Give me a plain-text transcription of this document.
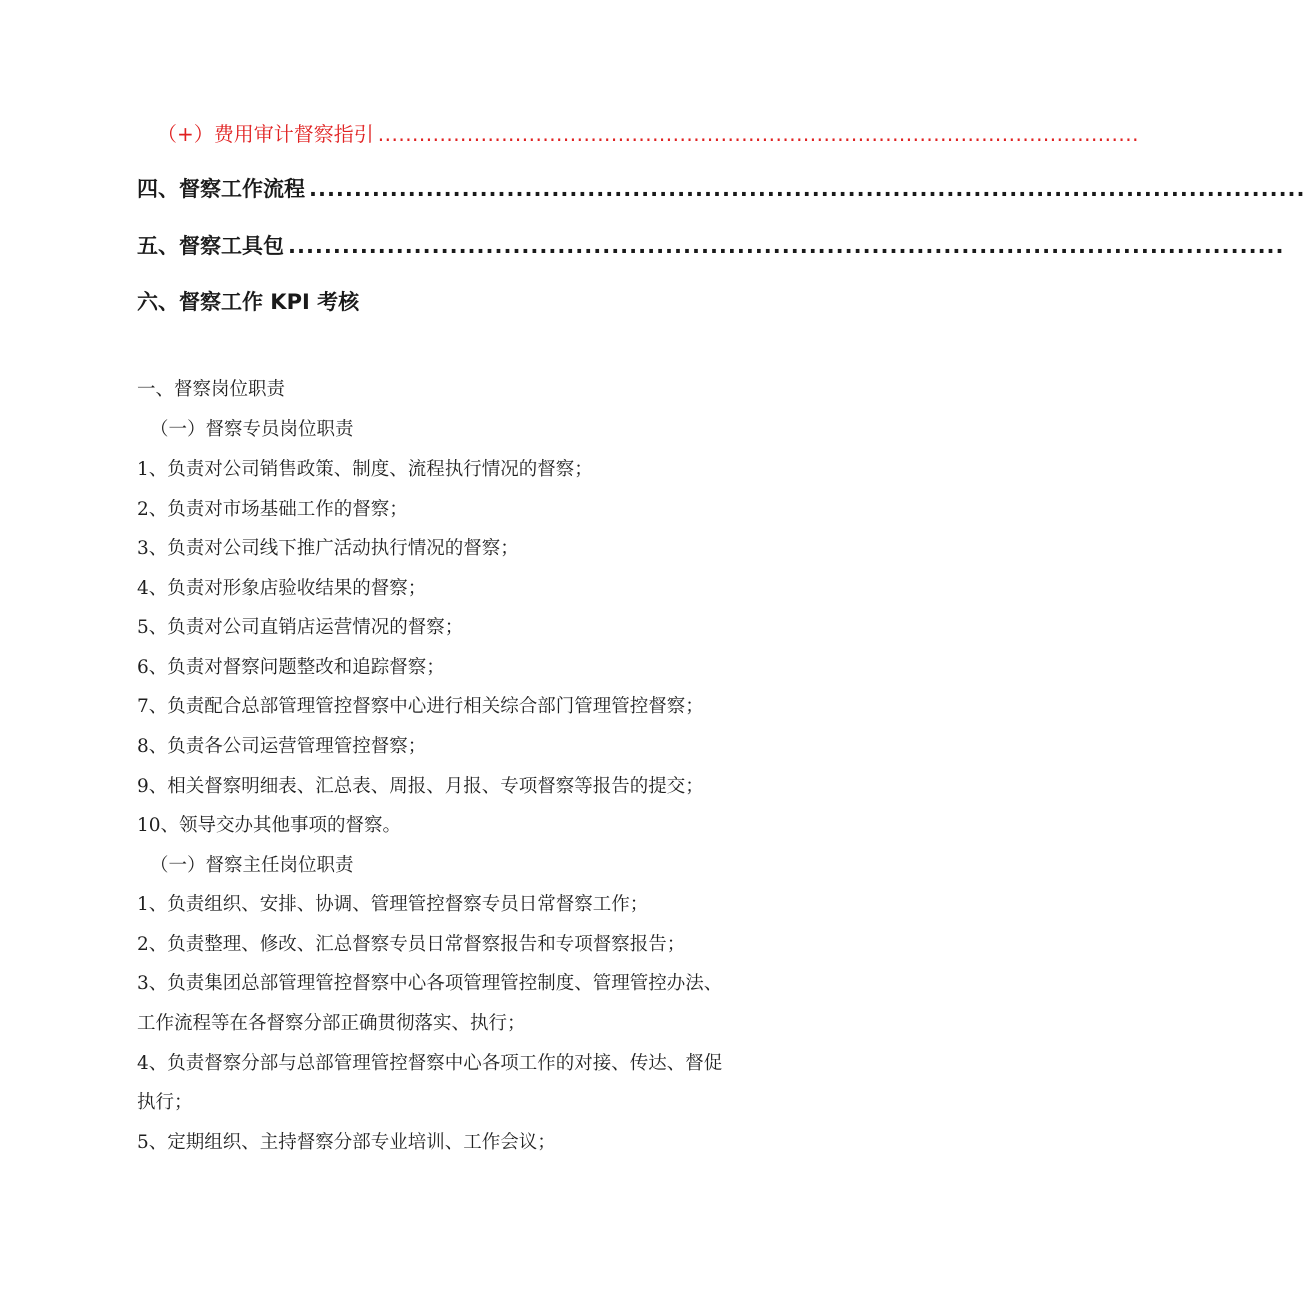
（+）费用审计督察指引 ...............................................................................................................
四、督察工作流程 ...............................................................................................................
五、督察工具包 ...............................................................................................................
六、督察工作 KPI 考核
一、督察岗位职责
（一）督察专员岗位职责
1、负责对公司销售政策、制度、流程执行情况的督察；
2、负责对市场基础工作的督察；
3、负责对公司线下推广活动执行情况的督察；
4、负责对形象店验收结果的督察；
5、负责对公司直销店运营情况的督察；
6、负责对督察问题整改和追踪督察；
7、负责配合总部管理管控督察中心进行相关综合部门管理管控督察；
8、负责各公司运营管理管控督察；
9、相关督察明细表、汇总表、周报、月报、专项督察等报告的提交；
10、领导交办其他事项的督察。
（一）督察主任岗位职责
1、负责组织、安排、协调、管理管控督察专员日常督察工作；
2、负责整理、修改、汇总督察专员日常督察报告和专项督察报告；
3、负责集团总部管理管控督察中心各项管理管控制度、管理管控办法、
工作流程等在各督察分部正确贯彻落实、执行；
4、负责督察分部与总部管理管控督察中心各项工作的对接、传达、督促
执行；
5、定期组织、主持督察分部专业培训、工作会议；
